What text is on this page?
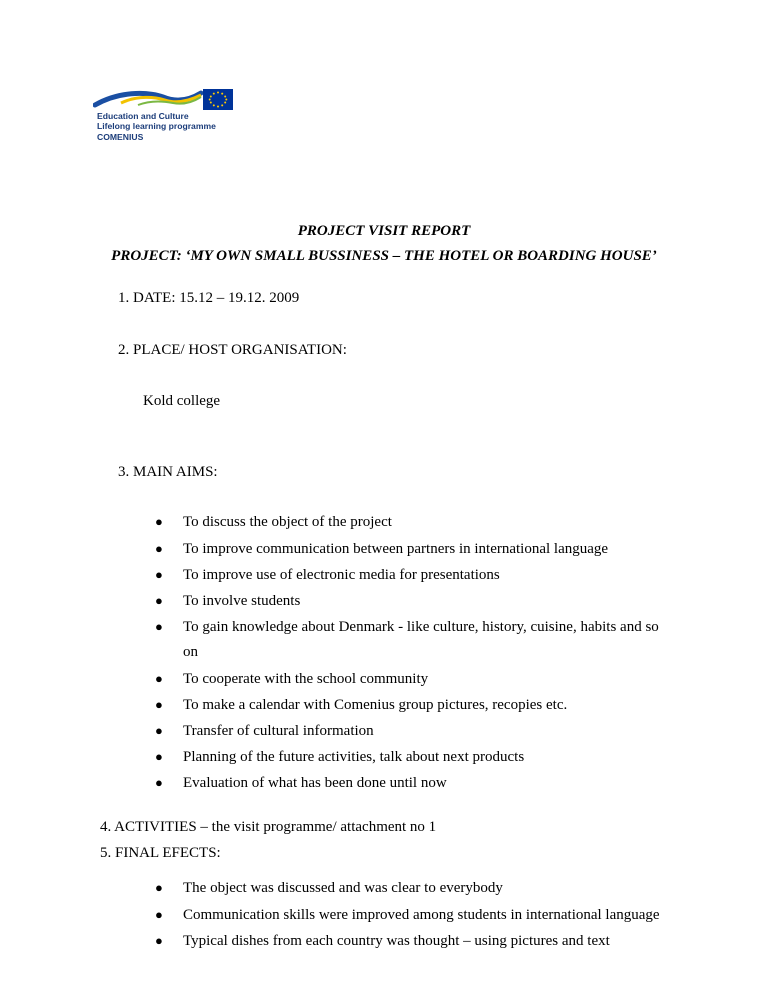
Education and Culture
Lifelong learning programme
COMENIUS
PROJECT VISIT REPORT
PROJECT: ‘MY OWN SMALL BUSSINESS – THE HOTEL OR BOARDING HOUSE’
1. DATE: 15.12 – 19.12. 2009
2. PLACE/ HOST ORGANISATION:
Kold college
3. MAIN AIMS:
● To discuss the object of the project
● To improve communication between partners in international language
● To improve use of electronic media for presentations
● To involve students
● To gain knowledge about Denmark - like culture, history, cuisine, habits and so
on
● To cooperate with the school community
● To make a calendar with Comenius group pictures, recopies etc.
● Transfer of cultural information
● Planning of the future activities, talk about next products
● Evaluation of what has been done until now
4. ACTIVITIES – the visit programme/ attachment no 1
5. FINAL EFECTS:
● The object was discussed and was clear to everybody
● Communication skills were improved among students in international language
● Typical dishes from each country was thought – using pictures and text
